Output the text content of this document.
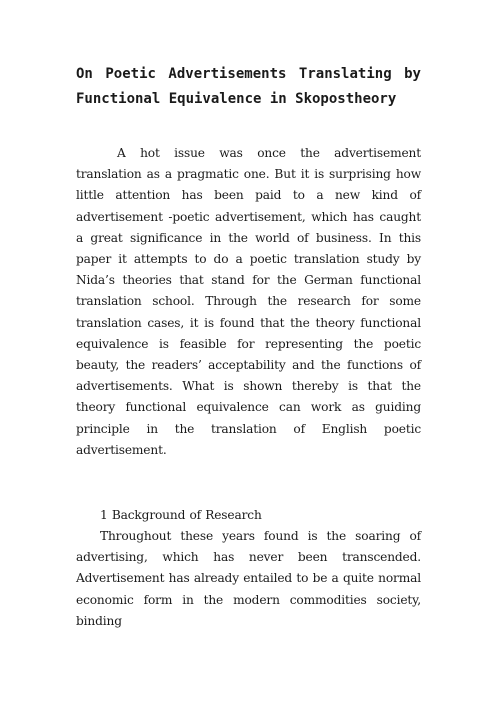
On Poetic Advertisements Translating by
Functional Equivalence in Skopostheory

A hot issue was once the advertisement translation as a pragmatic one. But it is surprising how little attention has been paid to a new kind of advertisement -poetic advertisement, which has caught a great significance in the world of business. In this paper it attempts to do a poetic translation study by Nida’s theories that stand for the German functional translation school. Through the research for some translation cases, it is found that the theory functional equivalence is feasible for representing the poetic beauty, the readers’ acceptability and the functions of advertisements. What is shown thereby is that the theory functional equivalence can work as guiding principle in the translation of English poetic advertisement.

1 Background of Research

Throughout these years found is the soaring of advertising, which has never been transcended. Advertisement has already entailed to be a quite normal economic form in the modern commodities society, binding
